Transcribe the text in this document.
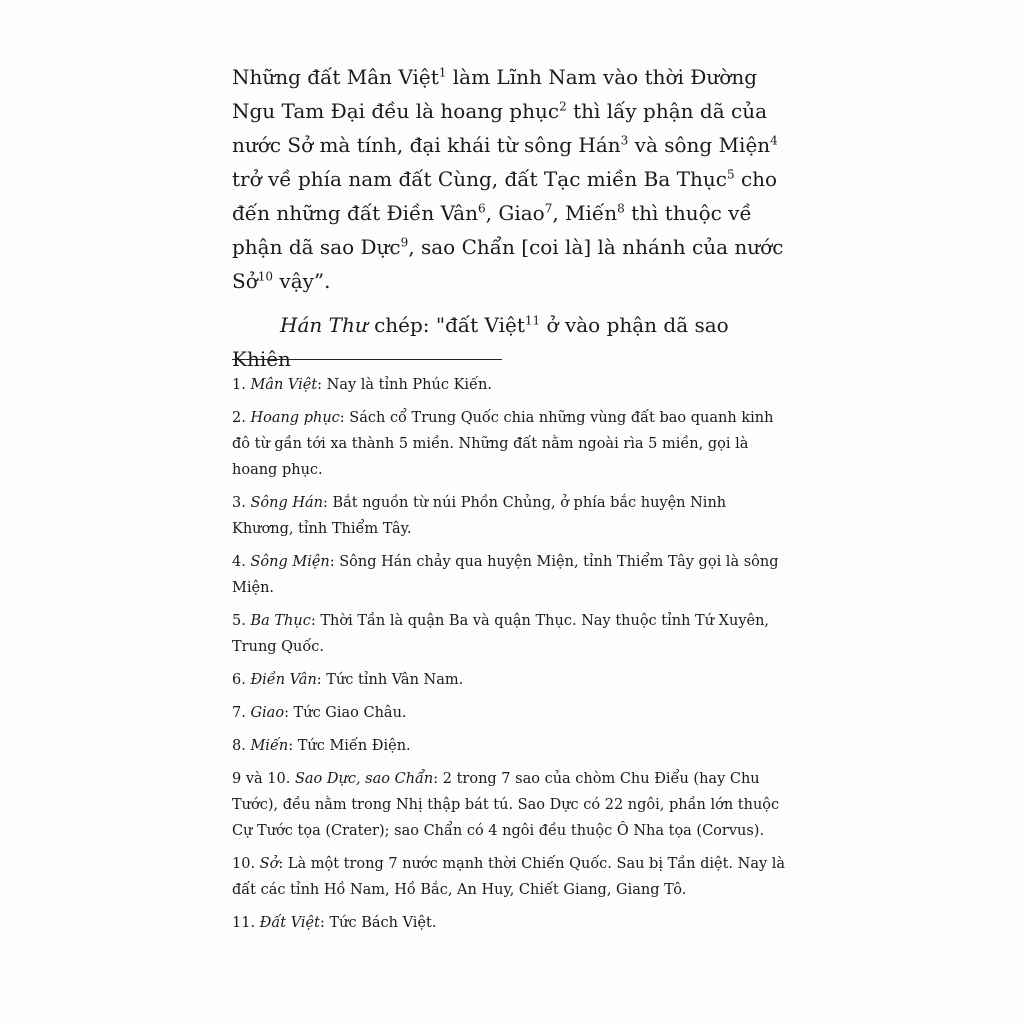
Những đất Mân Việt$^1$ làm Lĩnh Nam vào thời Đường Ngu Tam Đại đều là hoang phục$^2$ thì lấy phận dã của nước Sở mà tính, đại khái từ sông Hán$^3$ và sông Miện$^4$ trở về phía nam đất Cùng, đất Tạc miền Ba Thục$^5$ cho đến những đất Điền Vân$^6$, Giao$^7$, Miến$^8$ thì thuộc về phận dã sao Dực$^9$, sao Chẩn [coi là] là nhánh của nước Sở$^{10}$ vậy”.

Hán Thư chép: "đất Việt$^{11}$ ở vào phận dã sao Khiên

1. Mân Việt: Nay là tỉnh Phúc Kiến.

2. Hoang phục: Sách cổ Trung Quốc chia những vùng đất bao quanh kinh đô từ gần tới xa thành 5 miền. Những đất nằm ngoài rìa 5 miền, gọi là hoang phục.

3. Sông Hán: Bắt nguồn từ núi Phồn Chủng, ở phía bắc huyện Ninh Khương, tỉnh Thiểm Tây.

4. Sông Miện: Sông Hán chảy qua huyện Miện, tỉnh Thiểm Tây gọi là sông Miện.

5. Ba Thục: Thời Tần là quận Ba và quận Thục. Nay thuộc tỉnh Tứ Xuyên, Trung Quốc.

6. Điền Vân: Tức tỉnh Vân Nam.

7. Giao: Tức Giao Châu.

8. Miến: Tức Miến Điện.

9 và 10. Sao Dực, sao Chẩn: 2 trong 7 sao của chòm Chu Điểu (hay Chu Tước), đều nằm trong Nhị thập bát tú. Sao Dực có 22 ngôi, phần lớn thuộc Cự Tước tọa (Crater); sao Chẩn có 4 ngôi đều thuộc Ô Nha tọa (Corvus).

10. Sở: Là một trong 7 nước mạnh thời Chiến Quốc. Sau bị Tần diệt. Nay là đất các tỉnh Hồ Nam, Hồ Bắc, An Huy, Chiết Giang, Giang Tô.

11. Đất Việt: Tức Bách Việt.
